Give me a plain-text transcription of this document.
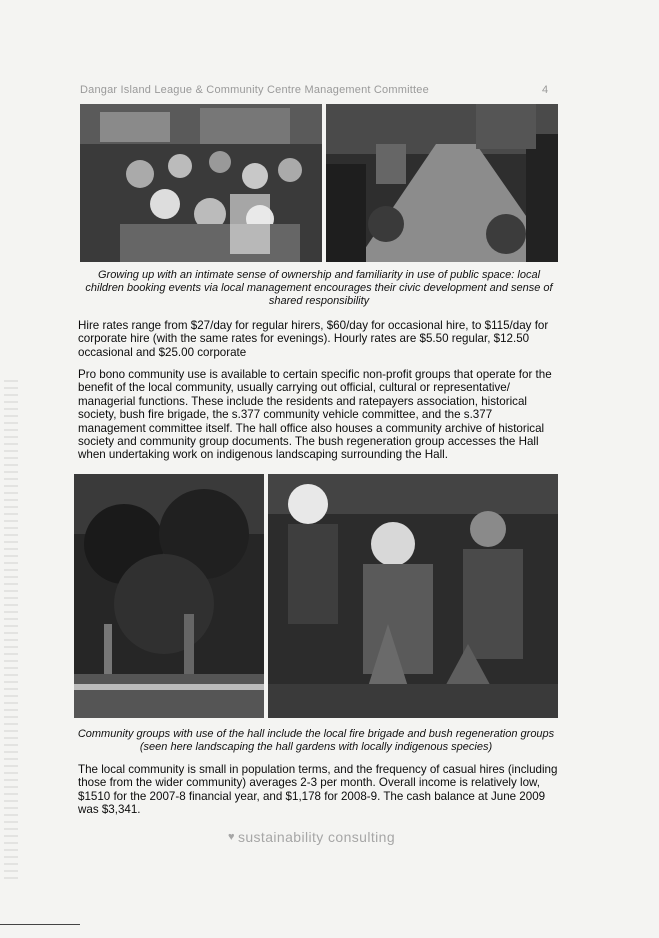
Dangar Island League & Community Centre Management Committee	4
Growing up with an intimate sense of ownership and familiarity in use of public space: local
children booking events via local management encourages their civic development and sense of
shared responsibility
Hire rates range from $27/day for regular hirers, $60/day for occasional hire, to $115/day for corporate hire (with the same rates for evenings). Hourly rates are $5.50 regular, $12.50 occasional and $25.00 corporate
Pro bono community use is available to certain specific non-profit groups that operate for the benefit of the local community, usually carrying out official, cultural or representative/ managerial functions. These include the residents and ratepayers association, historical society, bush fire brigade, the s.377 community vehicle committee, and the s.377 management committee itself. The hall office also houses a community archive of historical society and community group documents. The bush regeneration group accesses the Hall when undertaking work on indigenous landscaping surrounding the Hall.
Community groups with use of the hall include the local fire brigade and bush regeneration groups
(seen here landscaping the hall gardens with locally indigenous species)
The local community is small in population terms, and the frequency of casual hires (including those from the wider community) averages 2-3 per month. Overall income is relatively low, $1510 for the 2007-8 financial year, and $1,178 for 2008-9. The cash balance at June 2009 was $3,341.
♥ sustainability consulting
